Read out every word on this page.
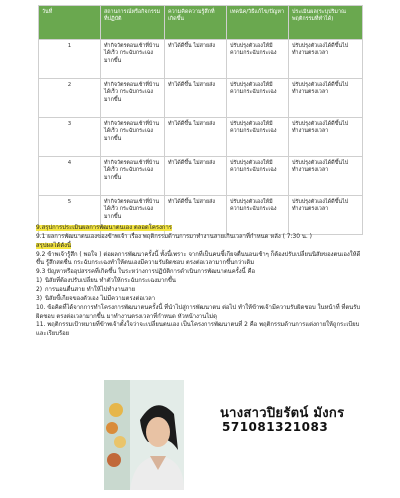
วันที่	สถานการณ์หรือกิจกรรมที่ปฏิบัติ	ความคิดความรู้สึกที่เกิดขึ้น	เทคนิค/วิธีแก้ไข/ปัญหา	ประเมินผล(ระบุปริมาณพฤติกรรมที่ทำได้)
1	ทำกิจวัตรตอนเช้าที่บ้านได้เร็ว กระฉับกระเฉงมากขึ้น	ทำได้ดีขึ้น ไม่สายส่ง	ปรับปรุงตัวเองให้มีความกระฉับกระเฉง	ปรับปรุงตัวเองได้ดีขึ้นไปทำงานตรงเวลา
2	ทำกิจวัตรตอนเช้าที่บ้านได้เร็ว กระฉับกระเฉงมากขึ้น	ทำได้ดีขึ้น ไม่สายส่ง	ปรับปรุงตัวเองให้มีความกระฉับกระเฉง	ปรับปรุงตัวเองได้ดีขึ้นไปทำงานตรงเวลา
3	ทำกิจวัตรตอนเช้าที่บ้านได้เร็ว กระฉับกระเฉงมากขึ้น	ทำได้ดีขึ้น ไม่สายส่ง	ปรับปรุงตัวเองให้มีความกระฉับกระเฉง	ปรับปรุงตัวเองได้ดีขึ้นไปทำงานตรงเวลา
4	ทำกิจวัตรตอนเช้าที่บ้านได้เร็ว กระฉับกระเฉงมากขึ้น	ทำได้ดีขึ้น ไม่สายส่ง	ปรับปรุงตัวเองให้มีความกระฉับกระเฉง	ปรับปรุงตัวเองได้ดีขึ้นไปทำงานตรงเวลา
5	ทำกิจวัตรตอนเช้าที่บ้านได้เร็ว กระฉับกระเฉงมากขึ้น	ทำได้ดีขึ้น ไม่สายส่ง	ปรับปรุงตัวเองให้มีความกระฉับกระเฉง	ปรับปรุงตัวเองได้ดีขึ้นไปทำงานตรงเวลา
9.สรุปการประเมินผลการพัฒนาตนเอง ตลอดโครงการ
9.1 ผลการพัฒนาตนเองของข้าพเจ้า เรื่อง พฤติกรรมด้านการมาทำงานสายเกินเวลาที่กำหนด หลัง ( 7:30 น. )
สรุปผลได้ดังนี้
9.2 ข้าพเจ้ารู้สึก ( พอใจ ) ต่อผลการพัฒนาครั้งนี้ ทั้งนี้เพราะ จากที่เป็นคนชี้เกียจตื่นนอนเช้าๆ ก็ต้องปรับเปลี่ยนนิสัยของตนเองให้ดีขึ้น รู้สึกสดชื่น กระฉับกระเฉงทำให้ตนเองมีความรับผิดชอบ ตรงต่อเวลามากขึ้นกว่าเดิม
9.3 ปัญหาหรืออุปสรรคที่เกิดขึ้น ในระหว่างการปฏิบัติการดำเนินการพัฒนาตนครั้งนี้ คือ
1) นิสัยที่ต้องปรับเปลี่ยน ทำตัวให้กระฉับกระเฉงมากขึ้น
2) การนอนตื่นสาย ทำให้ไปทำงานสาย
3) นิสัยขี้เกียจของตัวเอง ไม่มีความตรงต่อเวลา
10. ข้อคิดที่ได้จากการทำโครงการพัฒนาตนครั้งนี้ ที่นำไปสู่การพัฒนาตน ต่อไป ทำให้ข้าพเจ้ามีความรับผิดชอบ ในหน้าที่ ที่ตนรับผิดชอบ ตรงต่อเวลามากขึ้น มาทำงานตรงเวลาที่กำหนด หัวหน้างานไม่ดุ
11. พฤติกรรมเป้าหมายที่ข้าพเจ้าตั้งใจว่าจะเปลี่ยนตนเอง เป็นโครงการพัฒนาตนที่ 2 คือ พฤติกรรมด้านการแต่งกายให้ถูกระเบียบ และเรียบร้อย
นางสาวปิยรัตน์ มังกร
571081321083
